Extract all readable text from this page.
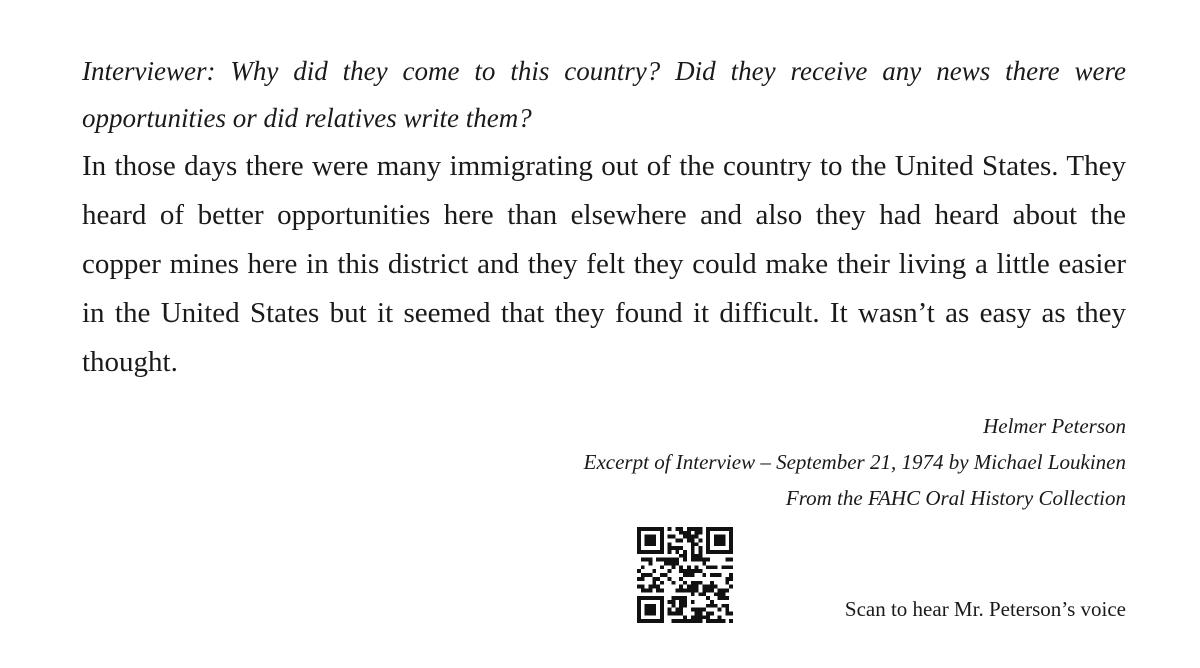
Interviewer: Why did they come to this country? Did they receive any news there were opportunities or did relatives write them?

In those days there were many immigrating out of the country to the United States. They heard of better opportunities here than elsewhere and also they had heard about the copper mines here in this district and they felt they could make their living a little easier in the United States but it seemed that they found it difficult. It wasn’t as easy as they thought.

Helmer Peterson
Excerpt of Interview – September 21, 1974 by Michael Loukinen
From the FAHC Oral History Collection
Scan to hear Mr. Peterson’s voice
